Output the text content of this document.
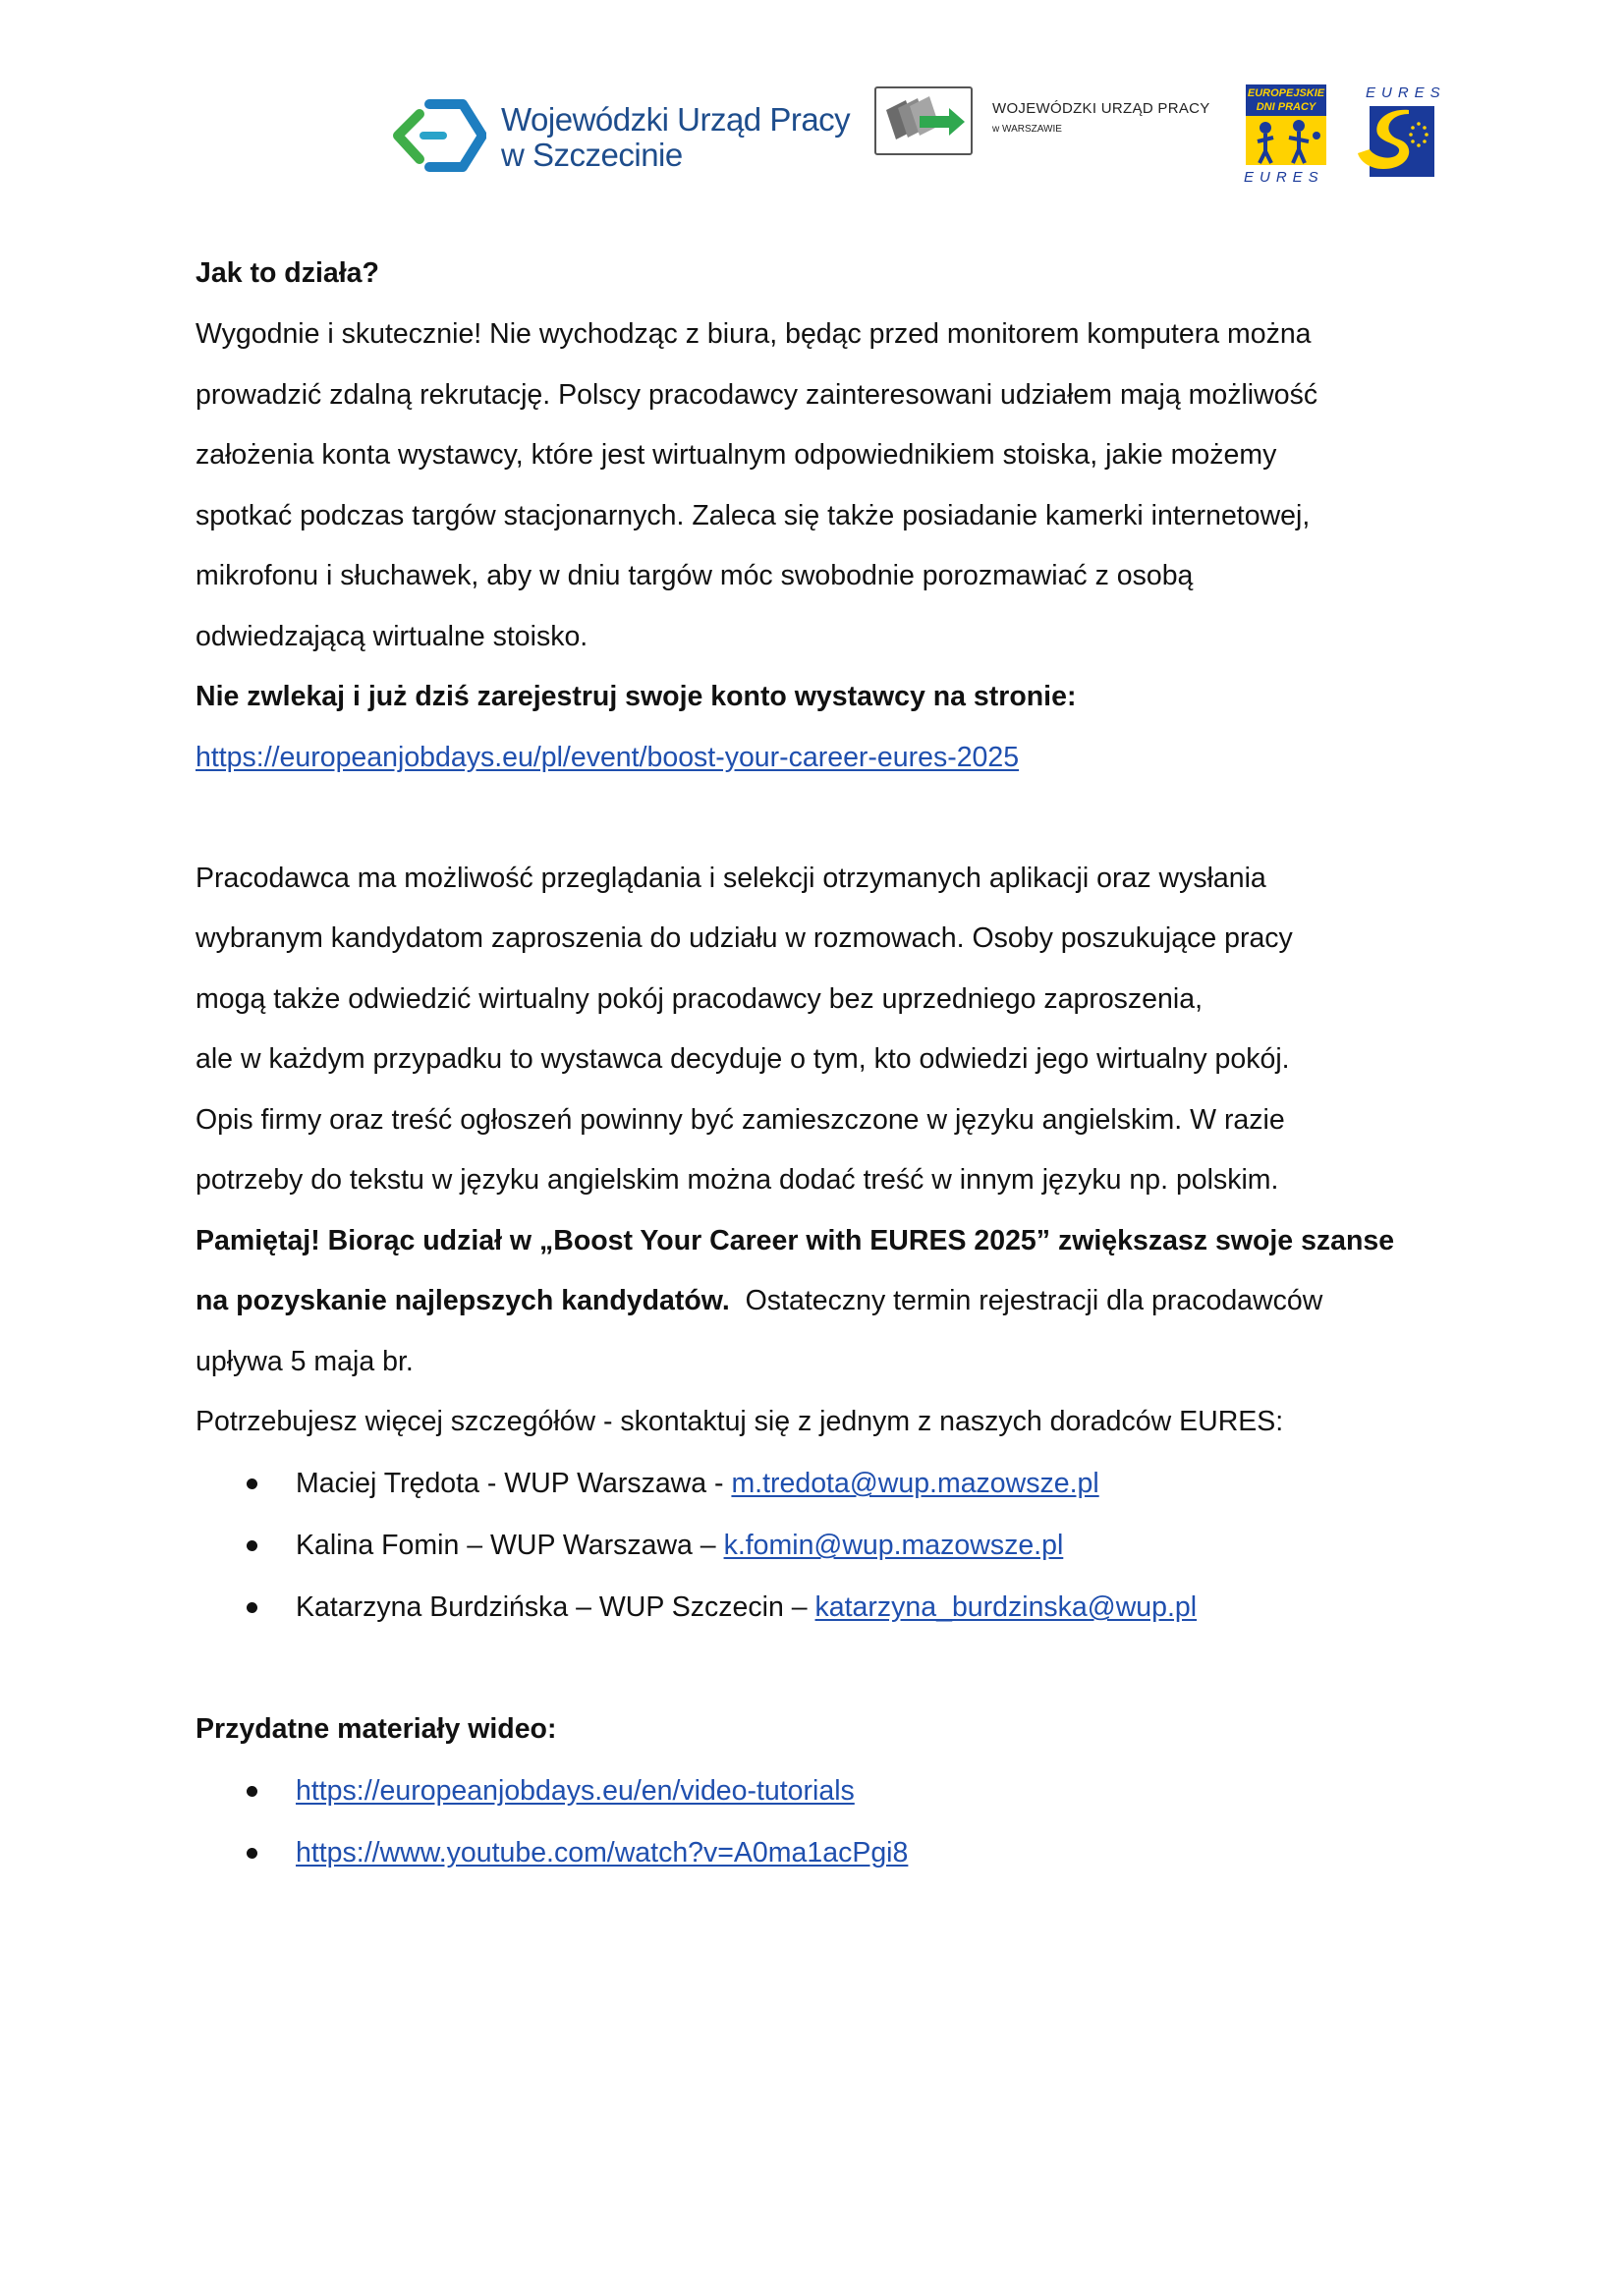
Wojewódzki Urząd Pracy
w Szczecinie
WOJEWÓDZKI URZĄD PRACY
w WARSZAWIE
EUROPEJSKIE
DNI PRACY
EURES
EURES
Jak to działa?
Wygodnie i skutecznie! Nie wychodząc z biura, będąc przed monitorem komputera można
prowadzić zdalną rekrutację. Polscy pracodawcy zainteresowani udziałem mają możliwość
założenia konta wystawcy, które jest wirtualnym odpowiednikiem stoiska, jakie możemy
spotkać podczas targów stacjonarnych. Zaleca się także posiadanie kamerki internetowej,
mikrofonu i słuchawek, aby w dniu targów móc swobodnie porozmawiać z osobą
odwiedzającą wirtualne stoisko.
Nie zwlekaj i już dziś zarejestruj swoje konto wystawcy na stronie:
https://europeanjobdays.eu/pl/event/boost-your-career-eures-2025
Pracodawca ma możliwość przeglądania i selekcji otrzymanych aplikacji oraz wysłania
wybranym kandydatom zaproszenia do udziału w rozmowach. Osoby poszukujące pracy
mogą także odwiedzić wirtualny pokój pracodawcy bez uprzedniego zaproszenia,
ale w każdym przypadku to wystawca decyduje o tym, kto odwiedzi jego wirtualny pokój.
Opis firmy oraz treść ogłoszeń powinny być zamieszczone w języku angielskim. W razie
potrzeby do tekstu w języku angielskim można dodać treść w innym języku np. polskim.
Pamiętaj! Biorąc udział w „Boost Your Career with EURES 2025” zwiększasz swoje szanse
na pozyskanie najlepszych kandydatów. Ostateczny termin rejestracji dla pracodawców
upływa 5 maja br.
Potrzebujesz więcej szczegółów - skontaktuj się z jednym z naszych doradców EURES:
Maciej Trędota - WUP Warszawa - m.tredota@wup.mazowsze.pl
Kalina Fomin – WUP Warszawa – k.fomin@wup.mazowsze.pl
Katarzyna Burdzińska – WUP Szczecin – katarzyna_burdzinska@wup.pl
Przydatne materiały wideo:
https://europeanjobdays.eu/en/video-tutorials
https://www.youtube.com/watch?v=A0ma1acPgi8
